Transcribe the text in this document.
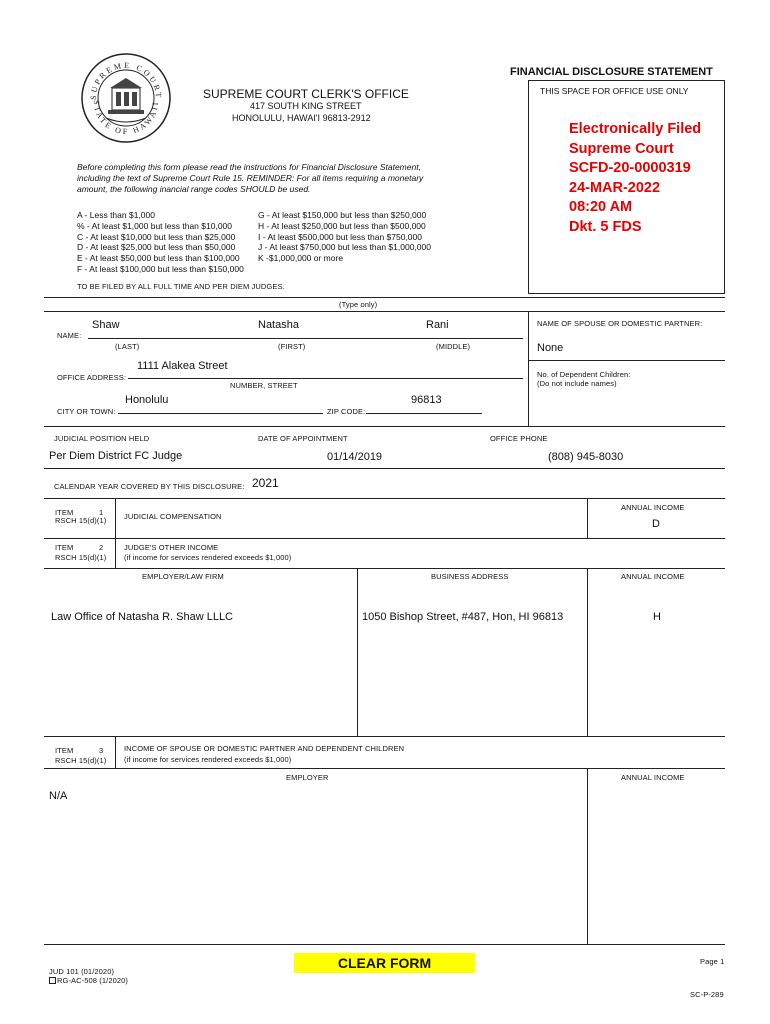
SUPREME COURT
STATE OF HAWAII
FINANCIAL DISCLOSURE STATEMENT
THIS SPACE FOR OFFICE USE ONLY
SUPREME COURT CLERK'S OFFICE
417 SOUTH KING STREET
HONOLULU, HAWAI'I 96813-2912
Electronically Filed
Supreme Court
SCFD-20-0000319
24-MAR-2022
08:20 AM
Dkt. 5 FDS
Before completing this form please read the instructions for Financial Disclosure Statement,
including the text of Supreme Court Rule 15. REMINDER: For all items requiring a monetary
amount, the following inancial range codes SHOULD be used.
A - Less than $1,000
% - At least $1,000 but less than $10,000
C - At least $10,000 but less than $25,000
D - At least $25,000 but less than $50,000
E - At least $50,000 but less than $100,000
F - At least $100,000 but less than $150,000
G - At least $150,000 but less than $250,000
H - At least $250,000 but less than $500,000
I - At least $500,000 but less than $750,000
J - At least $750,000 but less than $1,000,000
K -$1,000,000 or more
TO BE FILED BY ALL FULL TIME AND PER DIEM JUDGES.
(Type only)
NAME:
Shaw	Natasha	Rani
(LAST)	(FIRST)	(MIDDLE)
NAME OF SPOUSE OR DOMESTIC PARTNER:
None
No. of Dependent Children:
(Do not include names)
OFFICE ADDRESS:
1111 Alakea Street
NUMBER, STREET
CITY OR TOWN:
Honolulu
ZIP CODE:
96813
JUDICIAL POSITION HELD	DATE OF APPOINTMENT	OFFICE PHONE
Per Diem District FC Judge	01/14/2019	(808) 945-8030
CALENDAR YEAR COVERED BY THIS DISCLOSURE: 2021
ITEM	1
RSCH 15(d)(1) JUDICIAL COMPENSATION
ANNUAL INCOME
D
ITEM	2
RSCH 15(d)(1)
JUDGE'S OTHER INCOME
(if income for services rendered exceeds $1,000)
EMPLOYER/LAW FIRM	BUSINESS ADDRESS	ANNUAL INCOME
Law Office of Natasha R. Shaw LLLC	1050 Bishop Street, #487, Hon, HI 96813	H
ITEM	3
RSCH 15(d)(1)
INCOME OF SPOUSE OR DOMESTIC PARTNER AND DEPENDENT CHILDREN
(if income for services rendered exceeds $1,000)
EMPLOYER	ANNUAL INCOME
N/A
JUD 101 (01/2020)
RG-AC-508 (1/2020)
CLEAR FORM	Page 1
SC-P-289
